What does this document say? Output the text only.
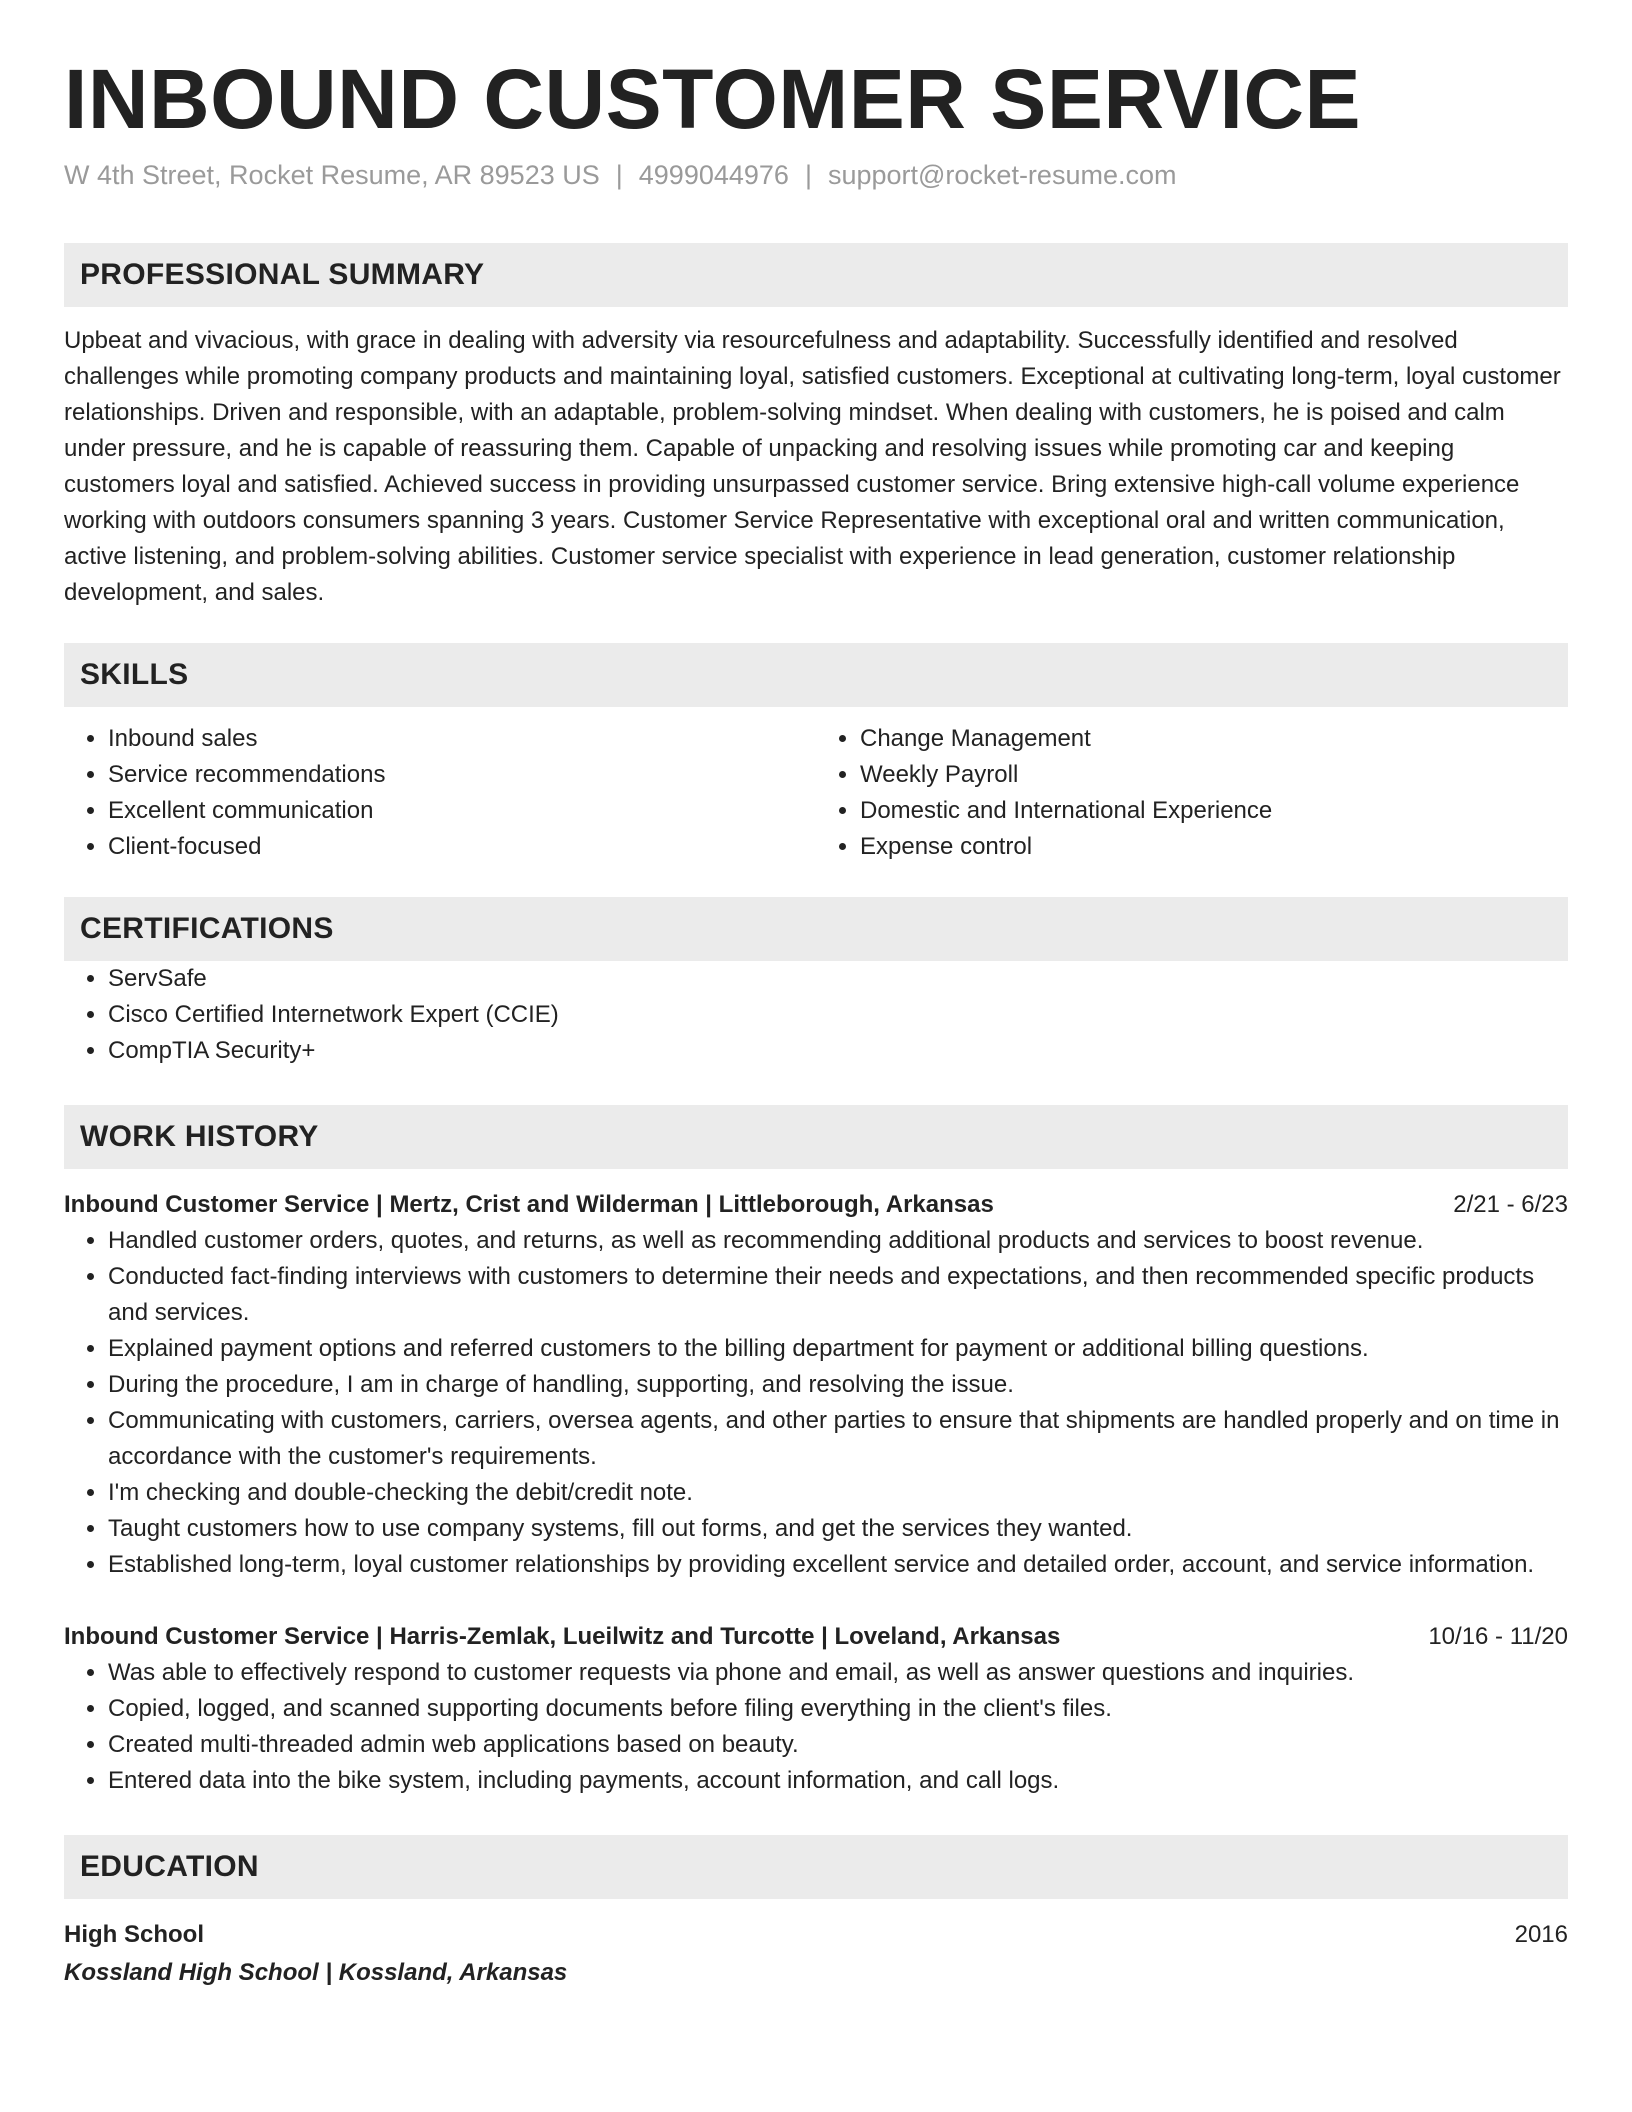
INBOUND CUSTOMER SERVICE
W 4th Street, Rocket Resume, AR 89523 US | 4999044976 | support@rocket-resume.com
PROFESSIONAL SUMMARY

Upbeat and vivacious, with grace in dealing with adversity via resourcefulness and adaptability. Successfully identified and resolved challenges while promoting company products and maintaining loyal, satisfied customers. Exceptional at cultivating long-term, loyal customer relationships. Driven and responsible, with an adaptable, problem-solving mindset. When dealing with customers, he is poised and calm under pressure, and he is capable of reassuring them. Capable of unpacking and resolving issues while promoting car and keeping customers loyal and satisfied. Achieved success in providing unsurpassed customer service. Bring extensive high-call volume experience working with outdoors consumers spanning 3 years. Customer Service Representative with exceptional oral and written communication, active listening, and problem-solving abilities. Customer service specialist with experience in lead generation, customer relationship development, and sales.

SKILLS
• Inbound sales
• Service recommendations
• Excellent communication
• Client-focused
• Change Management
• Weekly Payroll
• Domestic and International Experience
• Expense control
CERTIFICATIONS
• ServSafe
• Cisco Certified Internetwork Expert (CCIE)
• CompTIA Security+
WORK HISTORY
Inbound Customer Service | Mertz, Crist and Wilderman | Littleborough, Arkansas	2/21 - 6/23
• Handled customer orders, quotes, and returns, as well as recommending additional products and services to boost revenue.
• Conducted fact-finding interviews with customers to determine their needs and expectations, and then recommended specific products and services.
• Explained payment options and referred customers to the billing department for payment or additional billing questions.
• During the procedure, I am in charge of handling, supporting, and resolving the issue.
• Communicating with customers, carriers, oversea agents, and other parties to ensure that shipments are handled properly and on time in accordance with the customer's requirements.
• I'm checking and double-checking the debit/credit note.
• Taught customers how to use company systems, fill out forms, and get the services they wanted.
• Established long-term, loyal customer relationships by providing excellent service and detailed order, account, and service information.
Inbound Customer Service | Harris-Zemlak, Lueilwitz and Turcotte | Loveland, Arkansas	10/16 - 11/20
• Was able to effectively respond to customer requests via phone and email, as well as answer questions and inquiries.
• Copied, logged, and scanned supporting documents before filing everything in the client's files.
• Created multi-threaded admin web applications based on beauty.
• Entered data into the bike system, including payments, account information, and call logs.
EDUCATION
High School	2016
Kossland High School | Kossland, Arkansas
